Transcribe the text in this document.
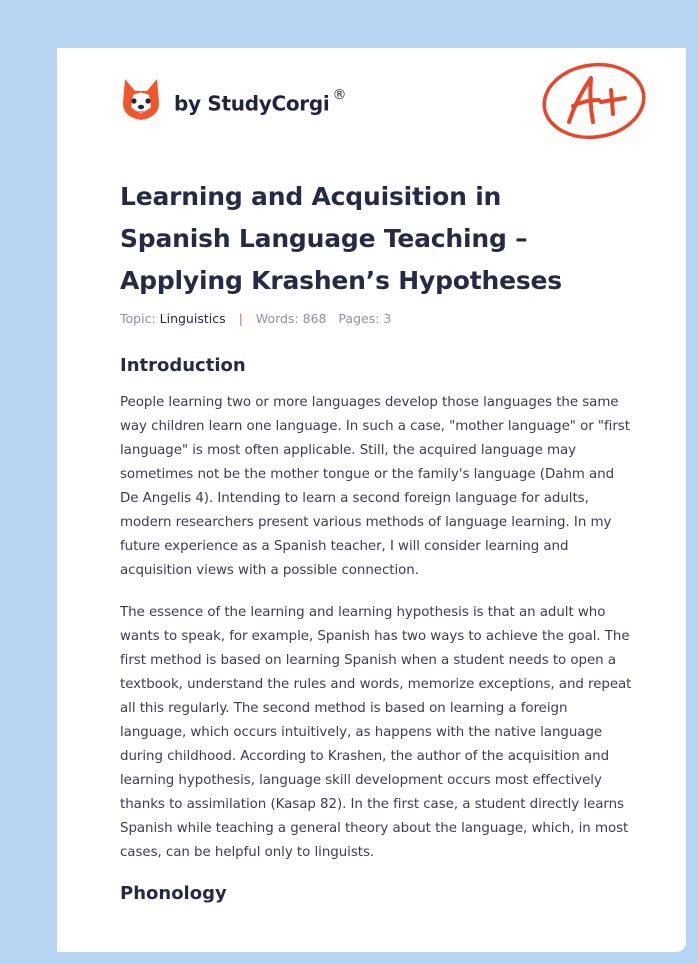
by StudyCorgi ®
Learning and Acquisition in Spanish Language Teaching – Applying Krashen’s Hypotheses
Topic: Linguistics | Words: 868 Pages: 3
Introduction

People learning two or more languages develop those languages the same way children learn one language. In such a case, "mother language" or "first language" is most often applicable. Still, the acquired language may sometimes not be the mother tongue or the family's language (Dahm and De Angelis 4). Intending to learn a second foreign language for adults, modern researchers present various methods of language learning. In my future experience as a Spanish teacher, I will consider learning and acquisition views with a possible connection.

The essence of the learning and learning hypothesis is that an adult who wants to speak, for example, Spanish has two ways to achieve the goal. The first method is based on learning Spanish when a student needs to open a textbook, understand the rules and words, memorize exceptions, and repeat all this regularly. The second method is based on learning a foreign language, which occurs intuitively, as happens with the native language during childhood. According to Krashen, the author of the acquisition and learning hypothesis, language skill development occurs most effectively thanks to assimilation (Kasap 82). In the first case, a student directly learns Spanish while teaching a general theory about the language, which, in most cases, can be helpful only to linguists.

Phonology
